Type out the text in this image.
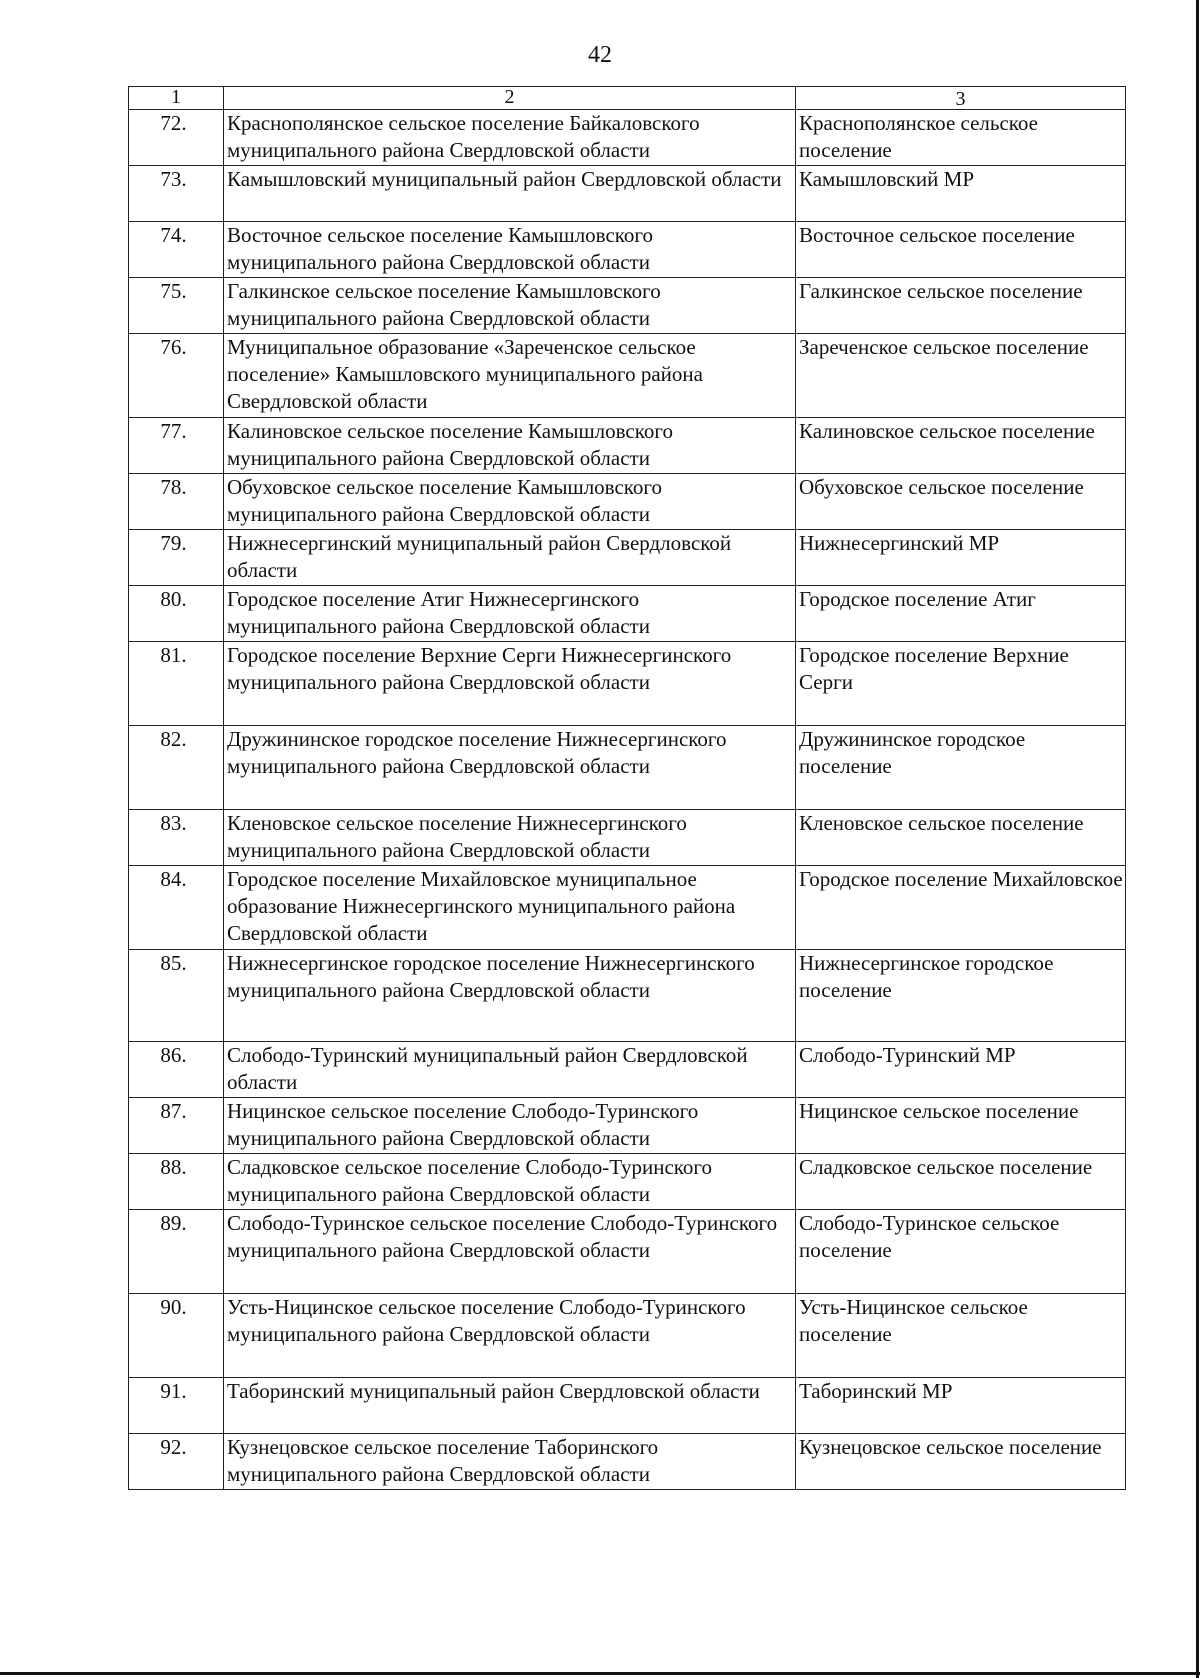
42
1	2	3
72.	Краснополянское сельское поселение Байкаловского муниципального района Свердловской области	Краснополянское сельское поселение
73.	Камышловский муниципальный район Свердловской области	Камышловский МР
74.	Восточное сельское поселение Камышловского муниципального района Свердловской области	Восточное сельское поселение
75.	Галкинское сельское поселение Камышловского муниципального района Свердловской области	Галкинское сельское поселение
76.	Муниципальное образование «Зареченское сельское поселение» Камышловского муниципального района Свердловской области	Зареченское сельское поселение
77.	Калиновское сельское поселение Камышловского муниципального района Свердловской области	Калиновское сельское поселение
78.	Обуховское сельское поселение Камышловского муниципального района Свердловской области	Обуховское сельское поселение
79.	Нижнесергинский муниципальный район Свердловской области	Нижнесергинский МР
80.	Городское поселение Атиг Нижнесергинского муниципального района Свердловской области	Городское поселение Атиг
81.	Городское поселение Верхние Серги Нижнесергинского муниципального района Свердловской области	Городское поселение Верхние Серги
82.	Дружининское городское поселение Нижнесергинского муниципального района Свердловской области	Дружининское городское поселение
83.	Кленовское сельское поселение Нижнесергинского муниципального района Свердловской области	Кленовское сельское поселение
84.	Городское поселение Михайловское муниципальное образование Нижнесергинского муниципального района Свердловской области	Городское поселение Михайловское
85.	Нижнесергинское городское поселение Нижнесергинского муниципального района Свердловской области	Нижнесергинское городское поселение
86.	Слободо-Туринский муниципальный район Свердловской области	Слободо-Туринский МР
87.	Ницинское сельское поселение Слободо-Туринского муниципального района Свердловской области	Ницинское сельское поселение
88.	Сладковское сельское поселение Слободо-Туринского муниципального района Свердловской области	Сладковское сельское поселение
89.	Слободо-Туринское сельское поселение Слободо-Туринского муниципального района Свердловской области	Слободо-Туринское сельское поселение
90.	Усть-Ницинское сельское поселение Слободо-Туринского муниципального района Свердловской области	Усть-Ницинское сельское поселение
91.	Таборинский муниципальный район Свердловской области	Таборинский МР
92.	Кузнецовское сельское поселение Таборинского муниципального района Свердловской области	Кузнецовское сельское поселение
